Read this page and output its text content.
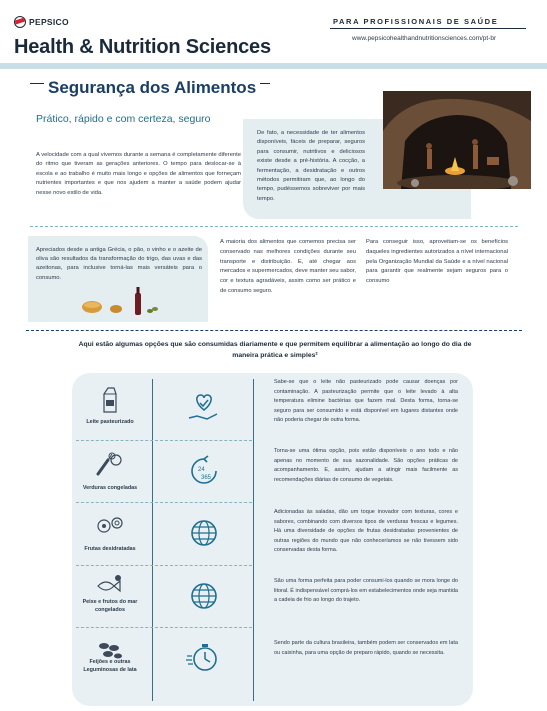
PEPSICO
Health & Nutrition Sciences
PARA PROFISSIONAIS DE SAÚDE
www.pepsicohealthandnutritionsciences.com/pt-br
Segurança dos Alimentos
Prático, rápido e com certeza, seguro
A velocidade com a qual vivemos durante a semana é completamente diferente do ritmo que tiveram as gerações anteriores. O tempo para deslocar-se à escola e ao trabalho é muito mais longo e opções de alimentos que forneçam nutrientes importantes e que nos ajudem a manter a saúde podem ajudar nesse novo estilo de vida.
De fato, a necessidade de ter alimentos disponíveis, fáceis de preparar, seguros para consumir, nutritivos e deliciosos existe desde a pré-história. A cocção, a fermentação, a desidratação e outros métodos permitiram que, ao longo do tempo, pudéssemos sobreviver por mais tempo.
Apreciados desde a antiga Grécia, o pão, o vinho e o azeite de oliva são resultados da transformação do trigo, das uvas e das azeitonas, para inclusive torná-las mais versáteis para o consumo.
A maioria dos alimentos que comemos precisa ser conservado nas melhores condições durante seu transporte e distribuição. E, até chegar aos mercados e supermercados, deve manter seu sabor, cor e textura agradáveis, assim como ser prático e de consumo seguro.
Para conseguir isso, aproveitam-se os benefícios daqueles ingredientes autorizados a nível internacional pela Organização Mundial da Saúde e a nível nacional para garantir que realmente sejam seguros para o consumo
Aqui estão algumas opções que são consumidas diariamente e que permitem equilibrar a alimentação ao longo do dia de maneira prática e simples²
Leite pasteurizado
Sabe-se que o leite não pasteurizado pode causar doenças por contaminação. A pasteurização permite que o leite levado à alta temperatura elimine bactérias que fazem mal. Desta forma, torna-se seguro para ser consumido e está disponível em lugares distantes onde não poderia chegar de outra forma.
Verduras congeladas
24
365
Torna-se uma ótima opção, pois estão disponíveis o ano todo e não apenas no momento de sua sazonalidade. São opções práticas de acompanhamento. E, assim, ajudam a atingir mais facilmente as recomendações diárias de consumo de vegetais.
Frutas desidratadas
Adicionadas às saladas, dão um toque inovador com texturas, cores e sabores, combinando com diversos tipos de verduras frescas e legumes. Há uma diversidade de opções de frutas desidratadas provenientes de outras regiões do mundo que não conheceríamos se não tivessem sido conservadas desta forma.
Peixe e frutos do mar congelados
São uma forma perfeita para poder consumi-los quando se mora longe do litoral. É indispensável comprá-los em estabelecimentos onde seja mantida a cadeia de frio ao longo do trajeto.
Feijões e outras Leguminosas de lata
Sendo parte da cultura brasileira, também podem ser conservados em lata ou caixinha, para uma opção de preparo rápido, quando se necessita.
